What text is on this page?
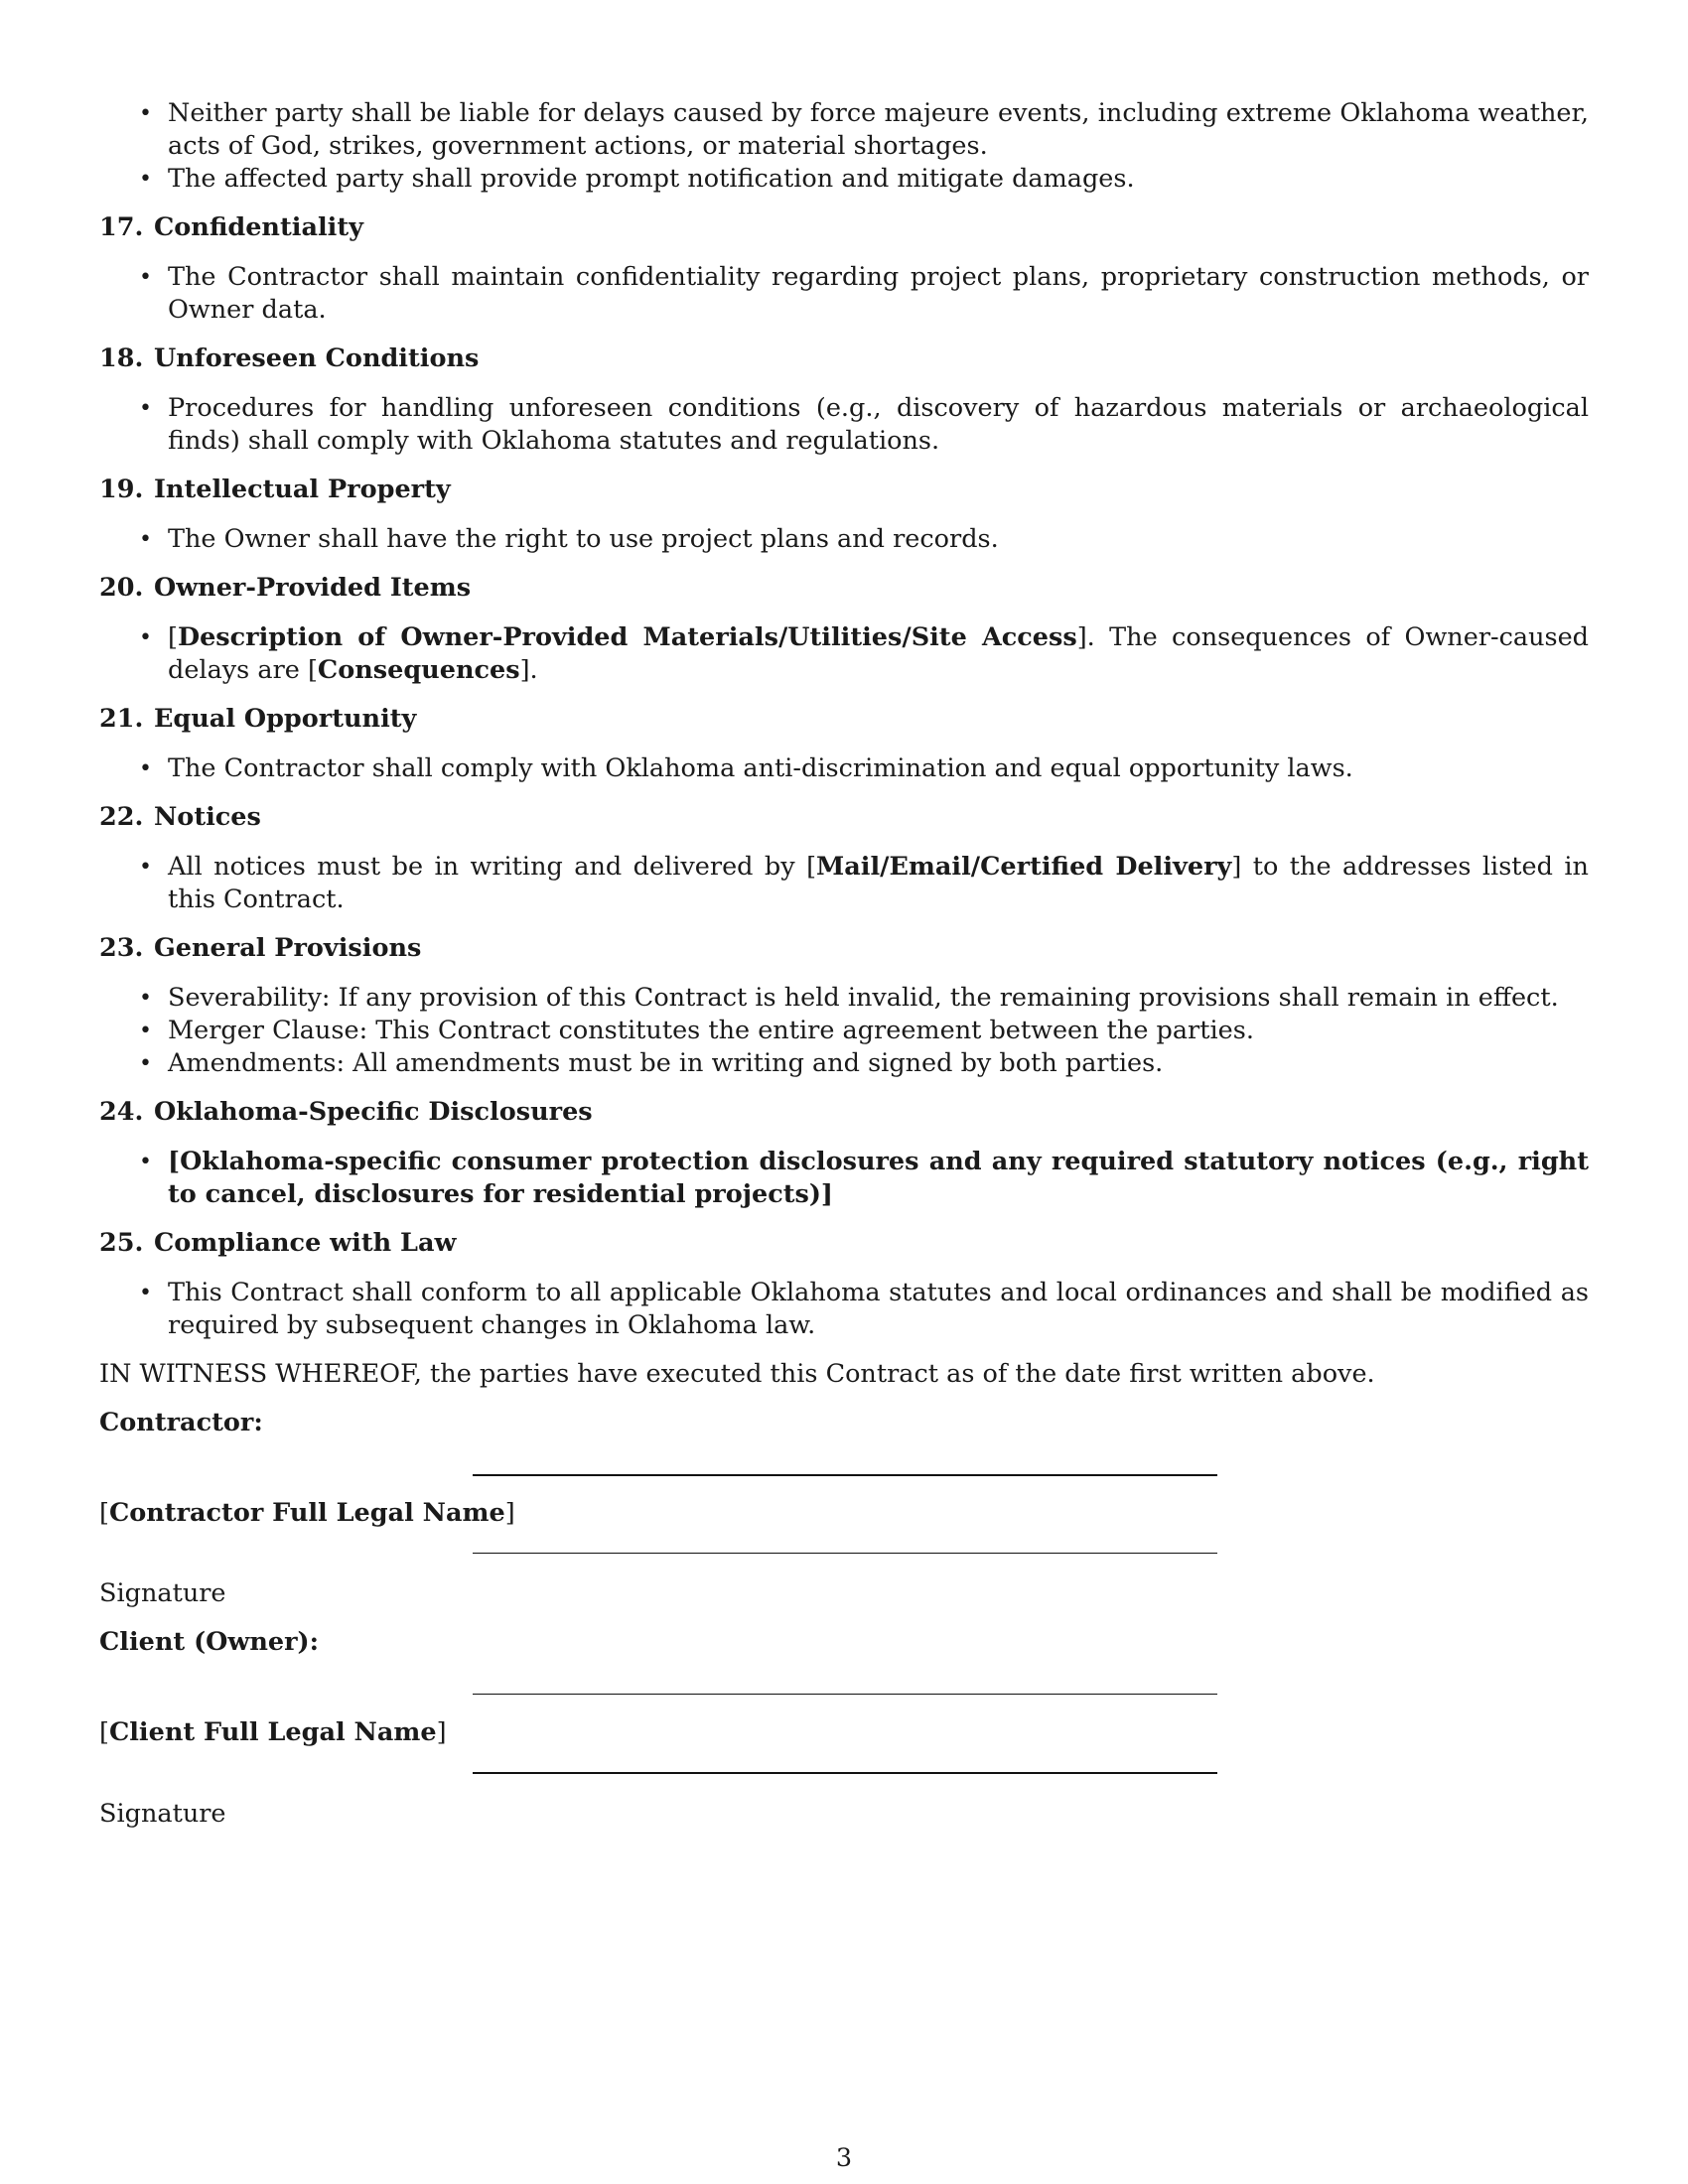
• Neither party shall be liable for delays caused by force majeure events, including extreme Oklahoma weather, acts of God, strikes, government actions, or material shortages.
• The affected party shall provide prompt notification and mitigate damages.
17. Confidentiality
• The Contractor shall maintain confidentiality regarding project plans, proprietary construction methods, or Owner data.
18. Unforeseen Conditions
• Procedures for handling unforeseen conditions (e.g., discovery of hazardous materials or archaeological finds) shall comply with Oklahoma statutes and regulations.
19. Intellectual Property
• The Owner shall have the right to use project plans and records.
20. Owner-Provided Items
• [Description of Owner-Provided Materials/Utilities/Site Access]. The consequences of Owner-caused delays are [Consequences].
21. Equal Opportunity
• The Contractor shall comply with Oklahoma anti-discrimination and equal opportunity laws.
22. Notices
• All notices must be in writing and delivered by [Mail/Email/Certified Delivery] to the addresses listed in this Contract.
23. General Provisions
• Severability: If any provision of this Contract is held invalid, the remaining provisions shall remain in effect.
• Merger Clause: This Contract constitutes the entire agreement between the parties.
• Amendments: All amendments must be in writing and signed by both parties.
24. Oklahoma-Specific Disclosures
• [Oklahoma-specific consumer protection disclosures and any required statutory notices (e.g., right to cancel, disclosures for residential projects)]
25. Compliance with Law
• This Contract shall conform to all applicable Oklahoma statutes and local ordinances and shall be modified as required by subsequent changes in Oklahoma law.
IN WITNESS WHEREOF, the parties have executed this Contract as of the date first written above.
Contractor:
[Contractor Full Legal Name]
Signature
Client (Owner):
[Client Full Legal Name]
Signature
3
